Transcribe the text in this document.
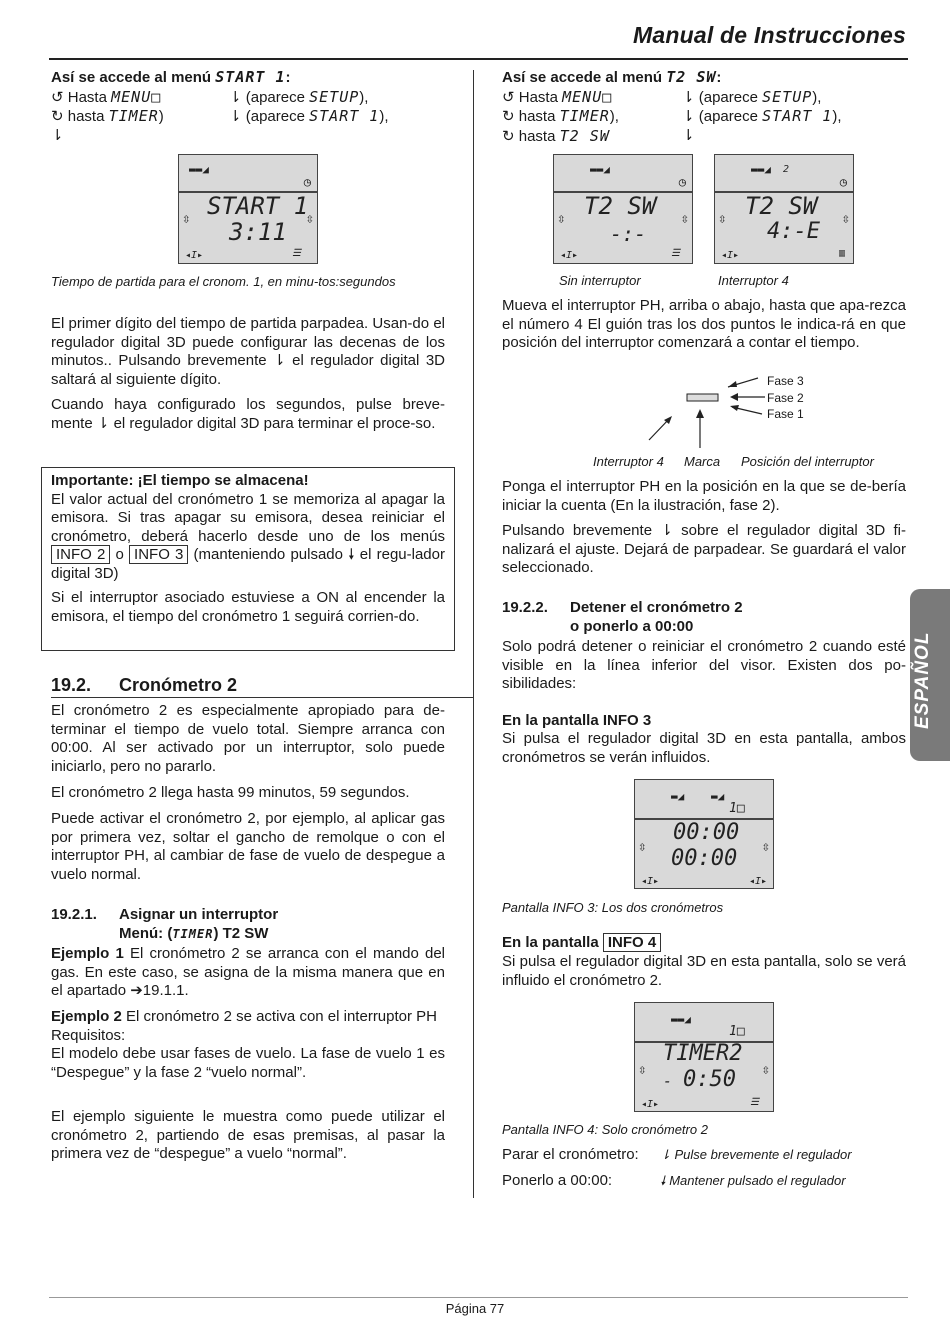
Manual de Instrucciones
ESPAÑOL
Así se accede al menú START 1:
↺ Hasta MENU□	⇂ (aparece SETUP),
↻ hasta TIMER)	⇂ (aparece START 1),
⇂
▬▬◢
◷
START 1
3:11
⇳	⇳
◂I▸	☰
Tiempo de partida para el cronom. 1, en minu-tos:segundos

El primer dígito del tiempo de partida parpadea. Usan-do el regulador digital 3D puede configurar las decenas de los minutos.. Pulsando brevemente ⇂ el regulador digital 3D saltará al siguiente dígito.

Cuando haya configurado los segundos, pulse breve-mente ⇂ el regulador digital 3D para terminar el proce-so.

Importante: ¡El tiempo se almacena!

El valor actual del cronómetro 1 se memoriza al apagar la emisora. Si tras apagar su emisora, desea reiniciar el cronómetro, deberá hacerlo desde uno de los menús INFO 2 o INFO 3 (manteniendo pulsado 🠗 el regu-lador digital 3D)

Si el interruptor asociado estuviese a ON al encender la emisora, el tiempo del cronómetro 1 seguirá corrien-do.

19.2. Cronómetro 2

El cronómetro 2 es especialmente apropiado para de-terminar el tiempo de vuelo total. Siempre arranca con 00:00. Al ser activado por un interruptor, solo puede iniciarlo, pero no pararlo.

El cronómetro 2 llega hasta 99 minutos, 59 segundos.

Puede activar el cronómetro 2, por ejemplo, al aplicar gas por primera vez, soltar el gancho de remolque o con el interruptor PH, al cambiar de fase de vuelo de despegue a vuelo normal.

19.2.1. Asignar un interruptor
Menú: (TIMER) T2 SW

Ejemplo 1 El cronómetro 2 se arranca con el mando del gas. En este caso, se asigna de la misma manera que en el apartado ➔19.1.1.

Ejemplo 2 El cronómetro 2 se activa con el interruptor PH

Requisitos:

El modelo debe usar fases de vuelo. La fase de vuelo 1 es “Despegue” y la fase 2 “vuelo normal”.

El ejemplo siguiente le muestra como puede utilizar el cronómetro 2, partiendo de esas premisas, al pasar la primera vez de “despegue” a vuelo “normal”.

Así se accede al menú T2 SW:
↺ Hasta MENU□	⇂ (aparece SETUP),
↻ hasta TIMER),	⇂ (aparece START 1),
↻ hasta T2 SW	⇂
▬▬◢
◷
T2 SW
-:-
⇳	⇳
◂I▸	☰
▬▬◢ 2
◷
T2 SW
4:-E
⇳	⇳
◂I▸	▥
Sin interruptor	Interruptor 4

Mueva el interruptor PH, arriba o abajo, hasta que apa-rezca el número 4 El guión tras los dos puntos le indica-rá en que posición del interruptor comenzará a contar el tiempo.

Fase 3
Fase 2
Fase 1
Interruptor 4 Marca Posición del interruptor

Ponga el interruptor PH en la posición en la que se de-bería iniciar la cuenta (En la ilustración, fase 2).

Pulsando brevemente ⇂ sobre el regulador digital 3D fi-nalizará el ajuste. Dejará de parpadear. Se guardará el valor seleccionado.

19.2.2. Detener el cronómetro 2
o ponerlo a 00:00

Solo podrá detener o reiniciar el cronómetro 2 cuando esté visible en la línea inferior del visor. Existen dos po-sibilidades:

En la pantalla INFO 3

Si pulsa el regulador digital 3D en esta pantalla, ambos cronómetros se verán influidos.

▬◢ ▬◢
1□
00:00
00:00
⇳	⇳
◂I▸	◂I▸
Pantalla INFO 3: Los dos cronómetros
En la pantalla INFO 4

Si pulsa el regulador digital 3D en esta pantalla, solo se verá influido el cronómetro 2.

▬▬◢
1□
TIMER2
- 0:50
⇳	⇳
◂I▸	☰
Pantalla INFO 4: Solo cronómetro 2
Parar el cronómetro: ⇂ Pulse brevemente el regulador
Ponerlo a 00:00:	🠗 Mantener pulsado el regulador
Página 77
